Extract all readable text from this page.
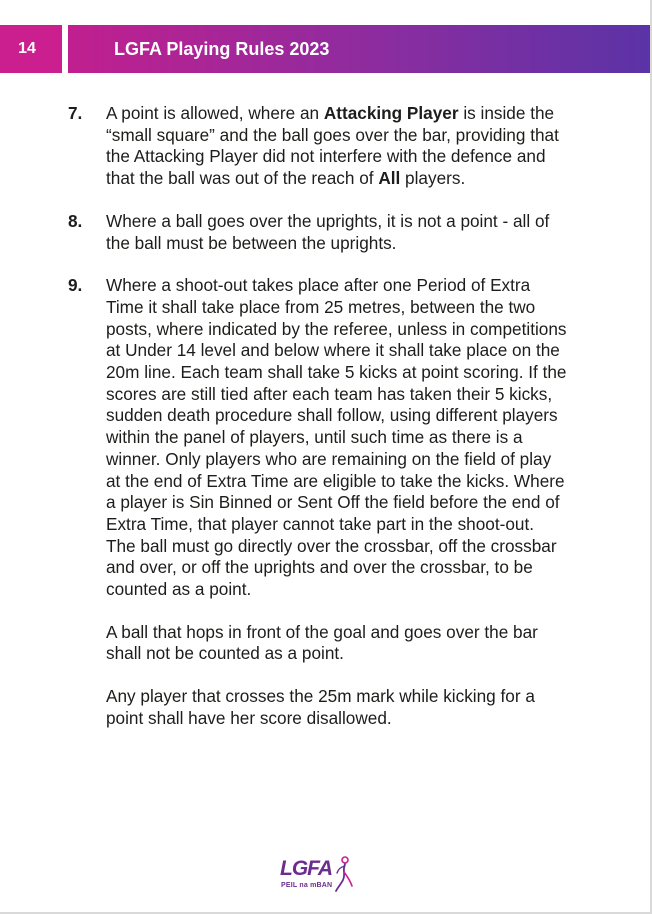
14	LGFA Playing Rules 2023
7.	A point is allowed, where an Attacking Player is inside the “small square” and the ball goes over the bar, providing that the Attacking Player did not interfere with the defence and that the ball was out of the reach of All players.
8.	Where a ball goes over the uprights, it is not a point - all of the ball must be between the uprights.
9.	Where a shoot-out takes place after one Period of Extra Time it shall take place from 25 metres, between the two posts, where indicated by the referee, unless in competitions at Under 14 level and below where it shall take place on the 20m line. Each team shall take 5 kicks at point scoring. If the scores are still tied after each team has taken their 5 kicks, sudden death procedure shall follow, using different players within the panel of players, until such time as there is a winner. Only players who are remaining on the field of play at the end of Extra Time are eligible to take the kicks. Where a player is Sin Binned or Sent Off the field before the end of Extra Time, that player cannot take part in the shoot-out. The ball must go directly over the crossbar, off the crossbar and over, or off the uprights and over the crossbar, to be counted as a point.

A ball that hops in front of the goal and goes over the bar shall not be counted as a point.

Any player that crosses the 25m mark while kicking for a point shall have her score disallowed.

LGFA
PEIL na mBAN
